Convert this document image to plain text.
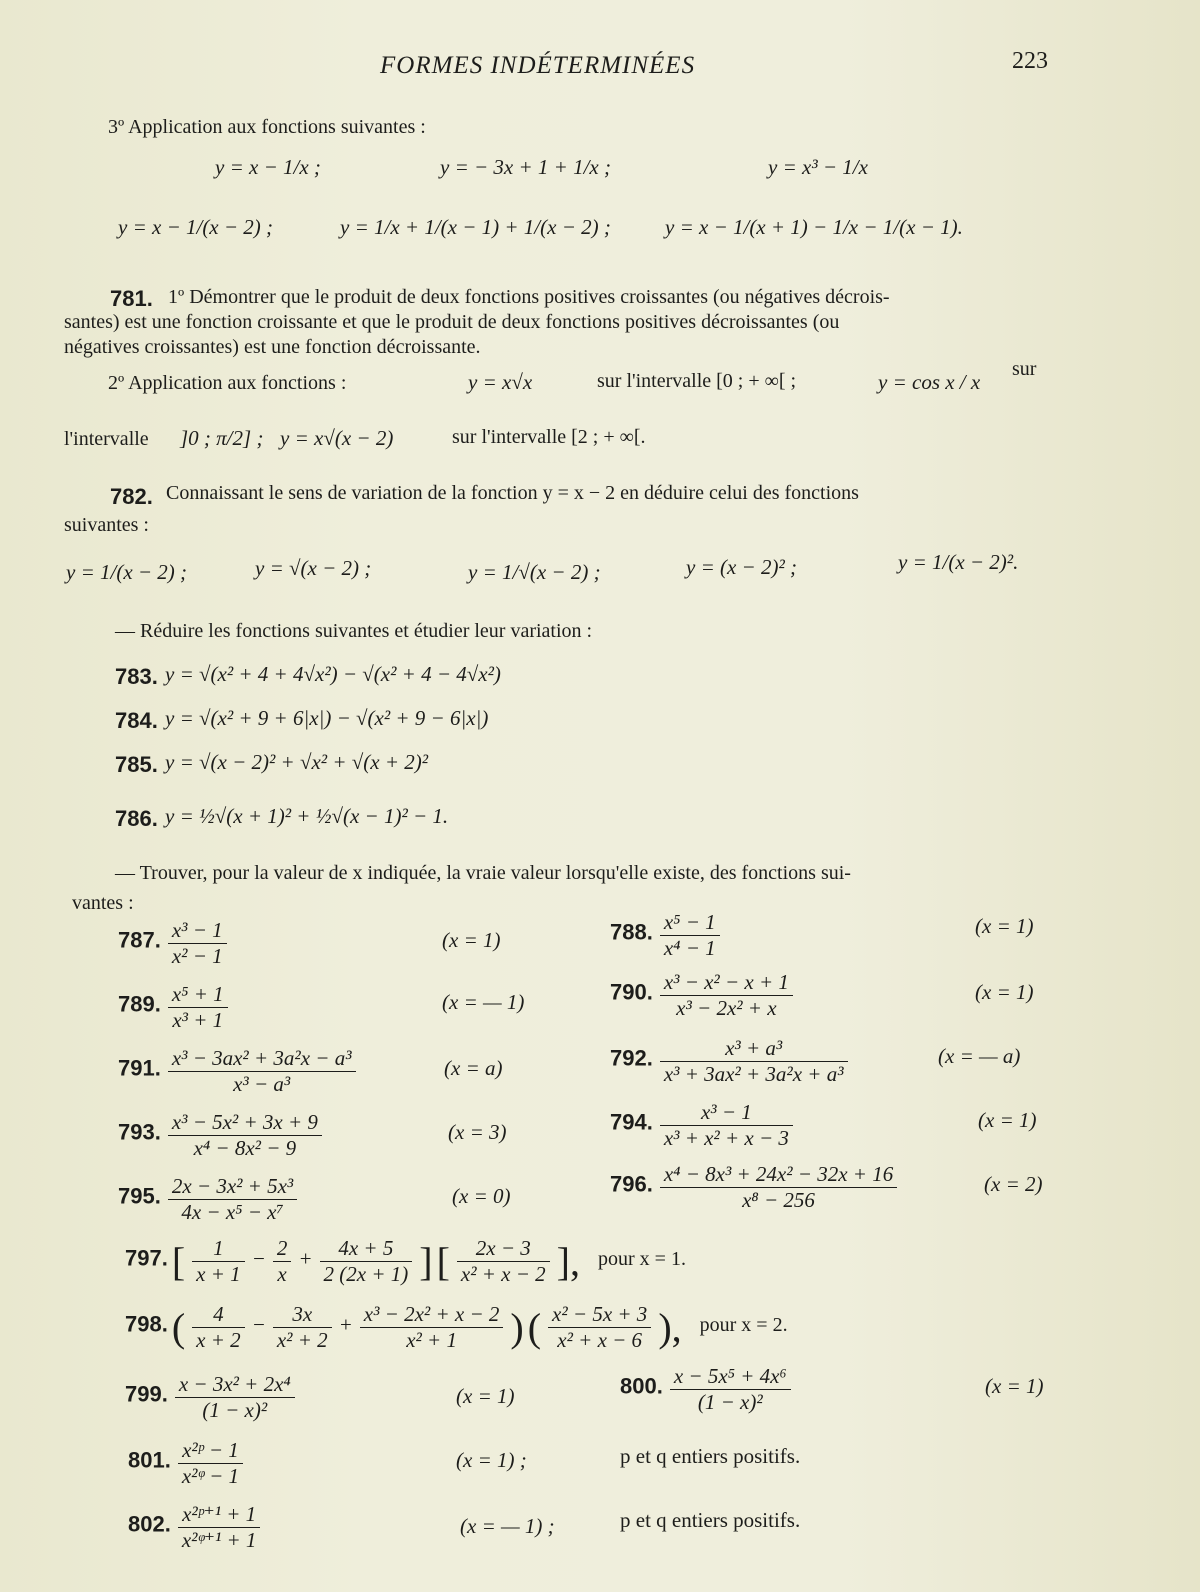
FORMES INDÉTERMINÉES	223
3º Application aux fonctions suivantes :
y = x − 1/x ;	y = − 3x + 1 + 1/x ;	y = x³ − 1/x
y = x − 1/(x − 2) ;	y = 1/x + 1/(x − 1) + 1/(x − 2) ;	y = x − 1/(x + 1) − 1/x − 1/(x − 1).
781. 1º Démontrer que le produit de deux fonctions positives croissantes (ou négatives décrois-
santes) est une fonction croissante et que le produit de deux fonctions positives décroissantes (ou
négatives croissantes) est une fonction décroissante.
2º Application aux fonctions :	y = x√x	sur l'intervalle [0 ; + ∞[ ;	y = cos x / x
sur
l'intervalle ]0 ; π/2] ; y = x√(x − 2)	sur l'intervalle [2 ; + ∞[.
782. Connaissant le sens de variation de la fonction y = x − 2 en déduire celui des fonctions
suivantes :
y = 1/(x − 2) ;	y = √(x − 2) ;	y = 1/√(x − 2) ;	y = (x − 2)² ;	y = 1/(x − 2)².
— Réduire les fonctions suivantes et étudier leur variation :
783. y = √(x² + 4 + 4√x²) − √(x² + 4 − 4√x²)
784. y = √(x² + 9 + 6|x|) − √(x² + 9 − 6|x|)
785. y = √(x − 2)² + √x² + √(x + 2)²
786. y = ½√(x + 1)² + ½√(x − 1)² − 1.
— Trouver, pour la valeur de x indiquée, la vraie valeur lorsqu'elle existe, des fonctions sui-
vantes :
787. $\frac{\text{x³ − 1}}{\text{x² − 1}}$	(x = 1)	788. $\frac{\text{x⁵ − 1}}{\text{x⁴ − 1}}$	(x = 1)
789. $\frac{\text{x⁵ + 1}}{\text{x³ + 1}}$	(x = — 1)	790. $\frac{\text{x³ − x² − x + 1}}{\text{x³ − 2x² + x}}$	(x = 1)
791. $\frac{\text{x³ − 3ax² + 3a²x − a³}}{\text{x³ − a³}}$	(x = a)	792. $\frac{\text{x³ + a³}}{\text{x³ + 3ax² + 3a²x + a³}}$	(x = — a)
793. $\frac{\text{x³ − 5x² + 3x + 9}}{\text{x⁴ − 8x² − 9}}$	(x = 3)	794. $\frac{\text{x³ − 1}}{\text{x³ + x² + x − 3}}$	(x = 1)
795. $\frac{\text{2x − 3x² + 5x³}}{\text{4x − x⁵ − x⁷}}$	(x = 0)	796. $\frac{\text{x⁴ − 8x³ + 24x² − 32x + 16}}{\text{x⁸ − 256}}$	(x = 2)
797. [ $\frac{1}{x + 1} - \frac{2}{x} + \frac{4x + 5}{2 (2x + 1)}$ ] [ $\frac{2x - 3}{\text{x² + x − 2}}$ ], pour x = 1.
798. ( $\frac{4}{x + 2} - \frac{3x}{\text{x² + 2}} + \frac{\text{x³ − 2x² + x − 2}}{\text{x² + 1}}$ ) ( $\frac{\text{x² − 5x + 3}}{\text{x² + x − 6}}$ ), pour x = 2.
799. $\frac{\text{x − 3x² + 2x⁴}}{\text{(1 − x)²}}$	(x = 1)	800. $\frac{\text{x − 5x⁵ + 4x⁶}}{\text{(1 − x)²}}$	(x = 1)
801. $\frac{\text{x²ᵖ − 1}}{\text{x²ᵠ − 1}}$	(x = 1) ;	p et q entiers positifs.
802. $\frac{\text{x²ᵖ⁺¹ + 1}}{\text{x²ᵠ⁺¹ + 1}}$	(x = — 1) ;	p et q entiers positifs.
